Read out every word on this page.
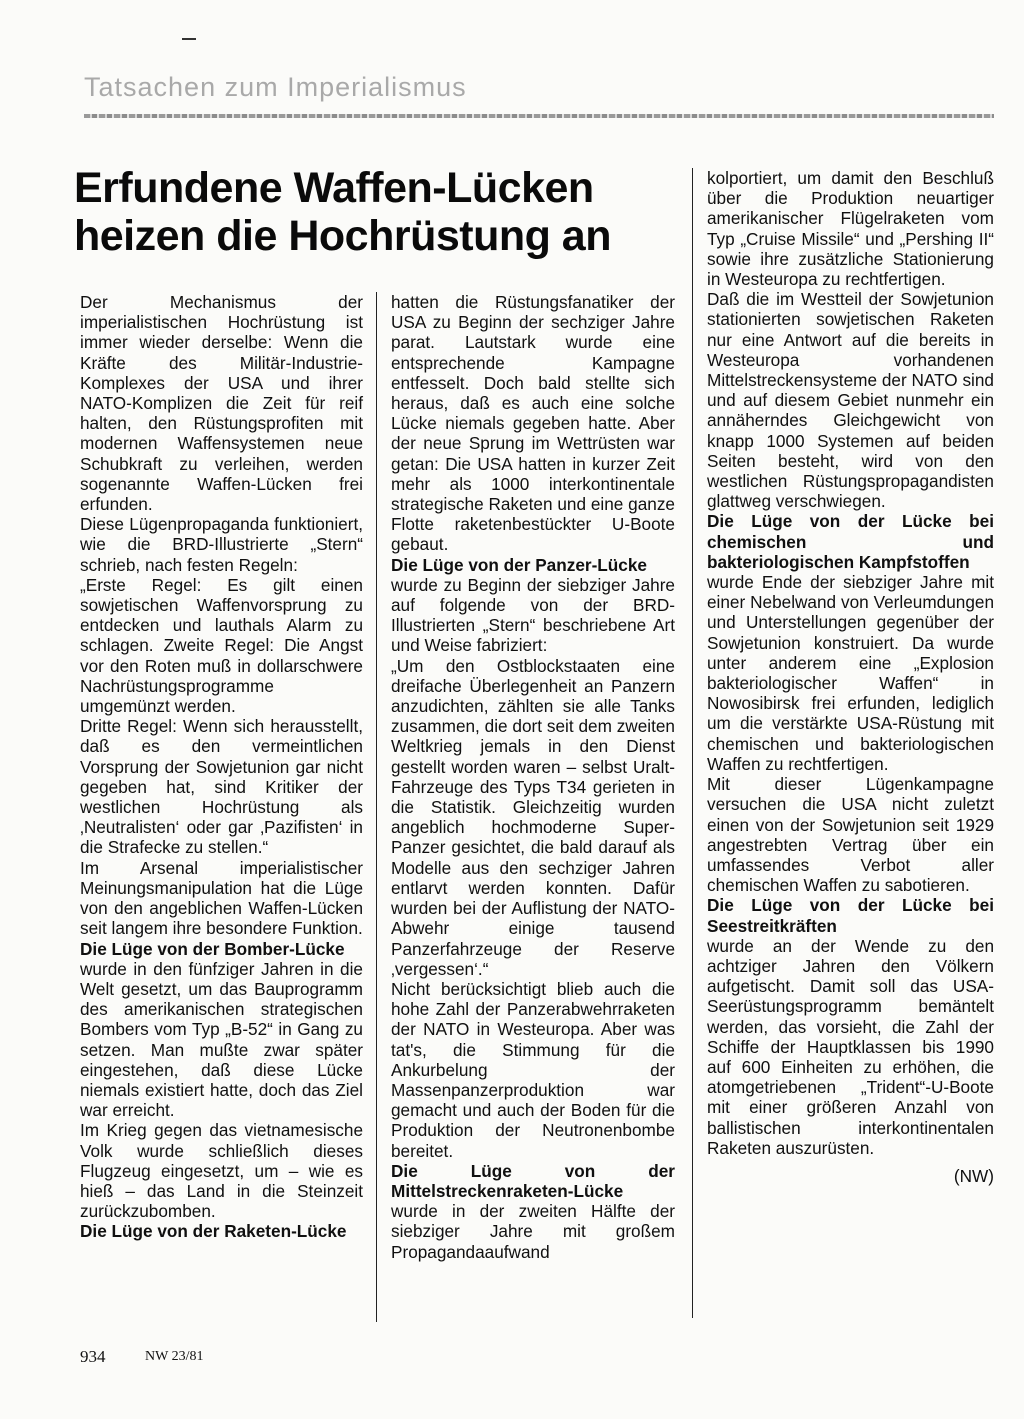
Tatsachen zum Imperialismus
Erfundene Waffen-Lücken
heizen die Hochrüstung an

Der Mechanismus der imperialistischen Hochrüstung ist immer wieder derselbe: Wenn die Kräfte des Militär-Industrie-Komplexes der USA und ihrer NATO-Komplizen die Zeit für reif halten, den Rüstungsprofiten mit modernen Waffensystemen neue Schubkraft zu verleihen, werden sogenannte Waffen-Lücken frei erfunden.

Diese Lügenpropaganda funktioniert, wie die BRD-Illustrierte „Stern“ schrieb, nach festen Regeln:

„Erste Regel: Es gilt einen sowjetischen Waffenvorsprung zu entdecken und lauthals Alarm zu schlagen. Zweite Regel: Die Angst vor den Roten muß in dollarschwere Nachrüstungsprogramme umgemünzt werden.

Dritte Regel: Wenn sich herausstellt, daß es den vermeintlichen Vorsprung der Sowjetunion gar nicht gegeben hat, sind Kritiker der westlichen Hochrüstung als ‚Neutralisten‘ oder gar ‚Pazifisten‘ in die Strafecke zu stellen.“

Im Arsenal imperialistischer Meinungsmanipulation hat die Lüge von den angeblichen Waffen-Lücken seit langem ihre besondere Funktion.

Die Lüge von der Bomber-Lücke

wurde in den fünfziger Jahren in die Welt gesetzt, um das Bauprogramm des amerikanischen strategischen Bombers vom Typ „B-52“ in Gang zu setzen. Man mußte zwar später eingestehen, daß diese Lücke niemals existiert hatte, doch das Ziel war erreicht.

Im Krieg gegen das vietnamesische Volk wurde schließlich dieses Flugzeug eingesetzt, um – wie es hieß – das Land in die Steinzeit zurückzubomben.

Die Lüge von der Raketen-Lücke

hatten die Rüstungsfanatiker der USA zu Beginn der sechziger Jahre parat. Lautstark wurde eine entsprechende Kampagne entfesselt. Doch bald stellte sich heraus, daß es auch eine solche Lücke niemals gegeben hatte. Aber der neue Sprung im Wettrüsten war getan: Die USA hatten in kurzer Zeit mehr als 1000 interkontinentale strategische Raketen und eine ganze Flotte raketenbestückter U-Boote gebaut.

Die Lüge von der Panzer-Lücke

wurde zu Beginn der siebziger Jahre auf folgende von der BRD-Illustrierten „Stern“ beschriebene Art und Weise fabriziert:

„Um den Ostblockstaaten eine dreifache Überlegenheit an Panzern anzudichten, zählten sie alle Tanks zusammen, die dort seit dem zweiten Weltkrieg jemals in den Dienst gestellt worden waren – selbst Uralt-Fahrzeuge des Typs T34 gerieten in die Statistik. Gleichzeitig wurden angeblich hochmoderne Super-Panzer gesichtet, die bald darauf als Modelle aus den sechziger Jahren entlarvt werden konnten. Dafür wurden bei der Auflistung der NATO-Abwehr einige tausend Panzerfahrzeuge der Reserve ‚vergessen‘.“

Nicht berücksichtigt blieb auch die hohe Zahl der Panzerabwehrraketen der NATO in Westeuropa. Aber was tat's, die Stimmung für die Ankurbelung der Massenpanzerproduktion war gemacht und auch der Boden für die Produktion der Neutronenbombe bereitet.

Die Lüge von der Mittelstreckenraketen-Lücke

wurde in der zweiten Hälfte der siebziger Jahre mit großem Propagandaaufwand

kolportiert, um damit den Beschluß über die Produktion neuartiger amerikanischer Flügelraketen vom Typ „Cruise Missile“ und „Pershing II“ sowie ihre zusätzliche Stationierung in Westeuropa zu rechtfertigen.

Daß die im Westteil der Sowjetunion stationierten sowjetischen Raketen nur eine Antwort auf die bereits in Westeuropa vorhandenen Mittelstreckensysteme der NATO sind und auf diesem Gebiet nunmehr ein annäherndes Gleichgewicht von knapp 1000 Systemen auf beiden Seiten besteht, wird von den westlichen Rüstungspropagandisten glattweg verschwiegen.

Die Lüge von der Lücke bei chemischen und bakteriologischen Kampfstoffen

wurde Ende der siebziger Jahre mit einer Nebelwand von Verleumdungen und Unterstellungen gegenüber der Sowjetunion konstruiert. Da wurde unter anderem eine „Explosion bakteriologischer Waffen“ in Nowosibirsk frei erfunden, lediglich um die verstärkte USA-Rüstung mit chemischen und bakteriologischen Waffen zu rechtfertigen.

Mit dieser Lügenkampagne versuchen die USA nicht zuletzt einen von der Sowjetunion seit 1929 angestrebten Vertrag über ein umfassendes Verbot aller chemischen Waffen zu sabotieren.

Die Lüge von der Lücke bei Seestreitkräften

wurde an der Wende zu den achtziger Jahren den Völkern aufgetischt. Damit soll das USA-Seerüstungsprogramm bemäntelt werden, das vorsieht, die Zahl der Schiffe der Hauptklassen bis 1990 auf 600 Einheiten zu erhöhen, die atomgetriebenen „Trident“-U-Boote mit einer größeren Anzahl von ballistischen interkontinentalen Raketen auszurüsten.

(NW)

934	NW 23/81
